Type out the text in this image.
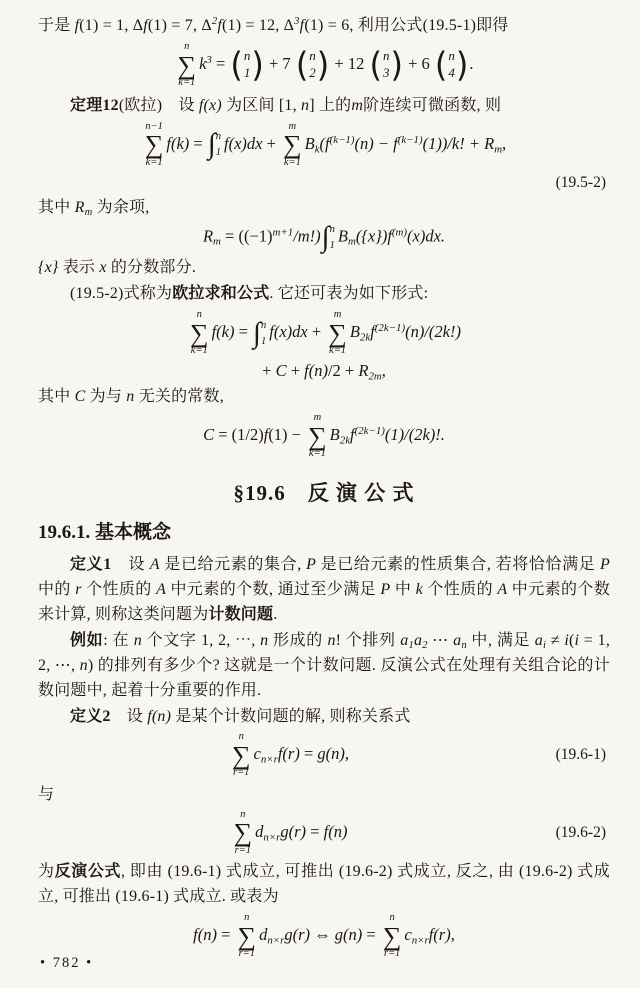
于是 f(1) = 1, Δf(1) = 7, $\Delta^2f(1) = 12$, $\Delta^3f(1) = 6$, 利用公式(19.5-1)即得

n
∑
k=1
$k^3$ = ( n
1 ) + 7 ( n
2 ) + 12 ( n
3 ) + 6 ( n
4 ) .

定理12(欧拉)　设 f(x) 为区间 [1, n] 上的m阶连续可微函数, 则

n−1
∑
k=1
f(k) = ∫ n
1
f(x)dx +
m
∑
k=1
$B_k(f^{(k-1)}(n) - f^{(k-1)}(1))/k$! + $R_m$,
(19.5-2)

其中 $R_m$ 为余项,

$R_m = ((-1)^{m+1}/m!)$ ∫ n
1
$B_m(\{x\})f^{(m)}(x)dx$.

{x} 表示 x 的分数部分.

(19.5-2)式称为欧拉求和公式. 它还可表为如下形式:

n
∑
k=1
f(k) = ∫ n
1
f(x)dx +
m
∑
k=1
$B_{2k}f^{(2k-1)}(n)/(2k!)$
+ $C + f(n)/2 + R_{2m}$,

其中 C 为与 n 无关的常数,

C = (1/2)f(1) −
m
∑
k=1
$B_{2k}f^{(2k-1)}(1)/(2k)$!.
§19.6　反 演 公 式
19.6.1. 基本概念

定义1　设 A 是已给元素的集合, P 是已给元素的性质集合, 若将恰恰满足 P 中的 r 个性质的 A 中元素的个数, 通过至少满足 P 中 k 个性质的 A 中元素的个数来计算, 则称这类问题为计数问题.

例如: 在 n 个文字 1, 2, ⋯, n 形成的 n! 个排列 $a_1a_2$ ⋯ $a_n$ 中, 满足 $a_i \ne i(i = 1$, 2, ⋯, n) 的排列有多少个? 这就是一个计数问题. 反演公式在处理有关组合论的计数问题中, 起着十分重要的作用.

定义2　设 f(n) 是某个计数问题的解, 则称关系式

n
∑
r=1
$c_{n\times r}f(r) = g(n)$,	(19.6-1)

与

n
∑
r=1
$d_{n\times r}g(r) = f(n)$	(19.6-2)

为反演公式, 即由 (19.6-1) 式成立, 可推出 (19.6-2) 式成立, 反之, 由 (19.6-2) 式成立, 可推出 (19.6-1) 式成立. 或表为

f(n) =
n
∑
r=1
$d_{n\times r}g(r)$ ⇔ g(n) =
n
∑
r=1
$c_{n\times r}f(r)$,
• 782 •
